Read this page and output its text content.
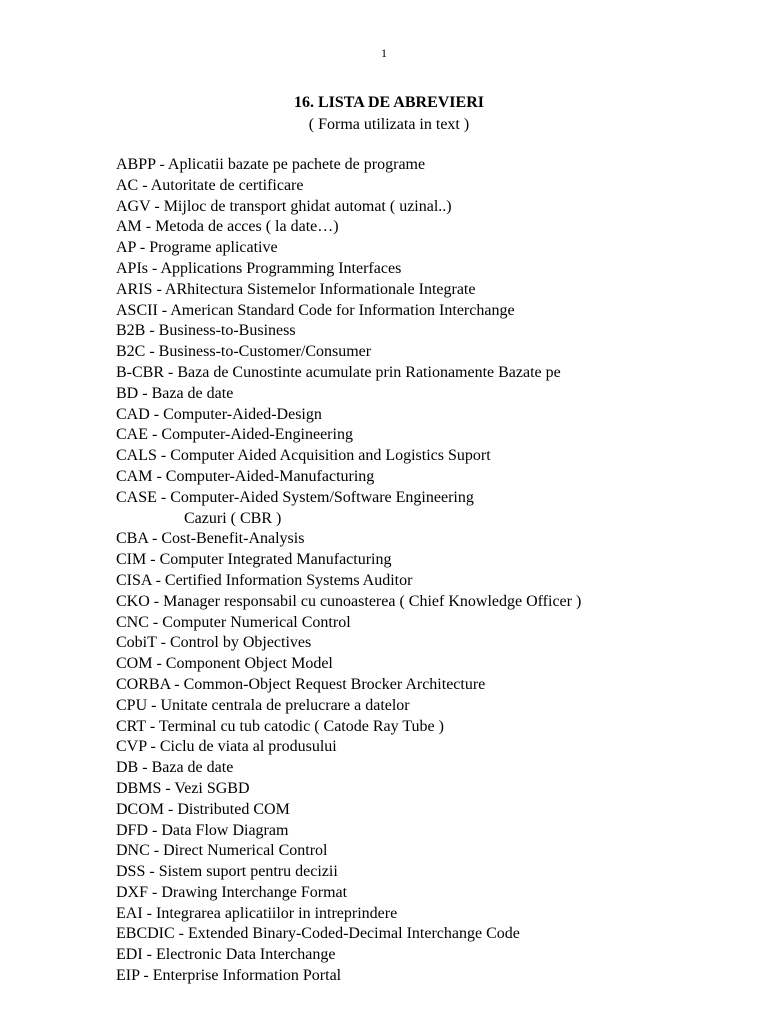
1
16. LISTA DE ABREVIERI
( Forma utilizata in text )
ABPP - Aplicatii bazate pe pachete de programe
AC - Autoritate de certificare
AGV - Mijloc de transport ghidat automat ( uzinal..)
AM - Metoda de acces ( la date…)
AP - Programe aplicative
APIs - Applications Programming Interfaces
ARIS - ARhitectura Sistemelor Informationale Integrate
ASCII - American Standard Code for Information Interchange
B2B - Business-to-Business
B2C - Business-to-Customer/Consumer
B-CBR - Baza de Cunostinte acumulate prin Rationamente Bazate pe
BD - Baza de date
CAD - Computer-Aided-Design
CAE - Computer-Aided-Engineering
CALS - Computer Aided Acquisition and Logistics Suport
CAM - Computer-Aided-Manufacturing
CASE - Computer-Aided System/Software Engineering
Cazuri ( CBR )
CBA - Cost-Benefit-Analysis
CIM - Computer Integrated Manufacturing
CISA - Certified Information Systems Auditor
CKO - Manager responsabil cu cunoasterea ( Chief Knowledge Officer )
CNC - Computer Numerical Control
CobiT - Control by Objectives
COM - Component Object Model
CORBA - Common-Object Request Brocker Architecture
CPU - Unitate centrala de prelucrare a datelor
CRT - Terminal cu tub catodic ( Catode Ray Tube )
CVP - Ciclu de viata al produsului
DB - Baza de date
DBMS - Vezi SGBD
DCOM - Distributed COM
DFD - Data Flow Diagram
DNC - Direct Numerical Control
DSS - Sistem suport pentru decizii
DXF - Drawing Interchange Format
EAI - Integrarea aplicatiilor in intreprindere
EBCDIC - Extended Binary-Coded-Decimal Interchange Code
EDI - Electronic Data Interchange
EIP - Enterprise Information Portal
